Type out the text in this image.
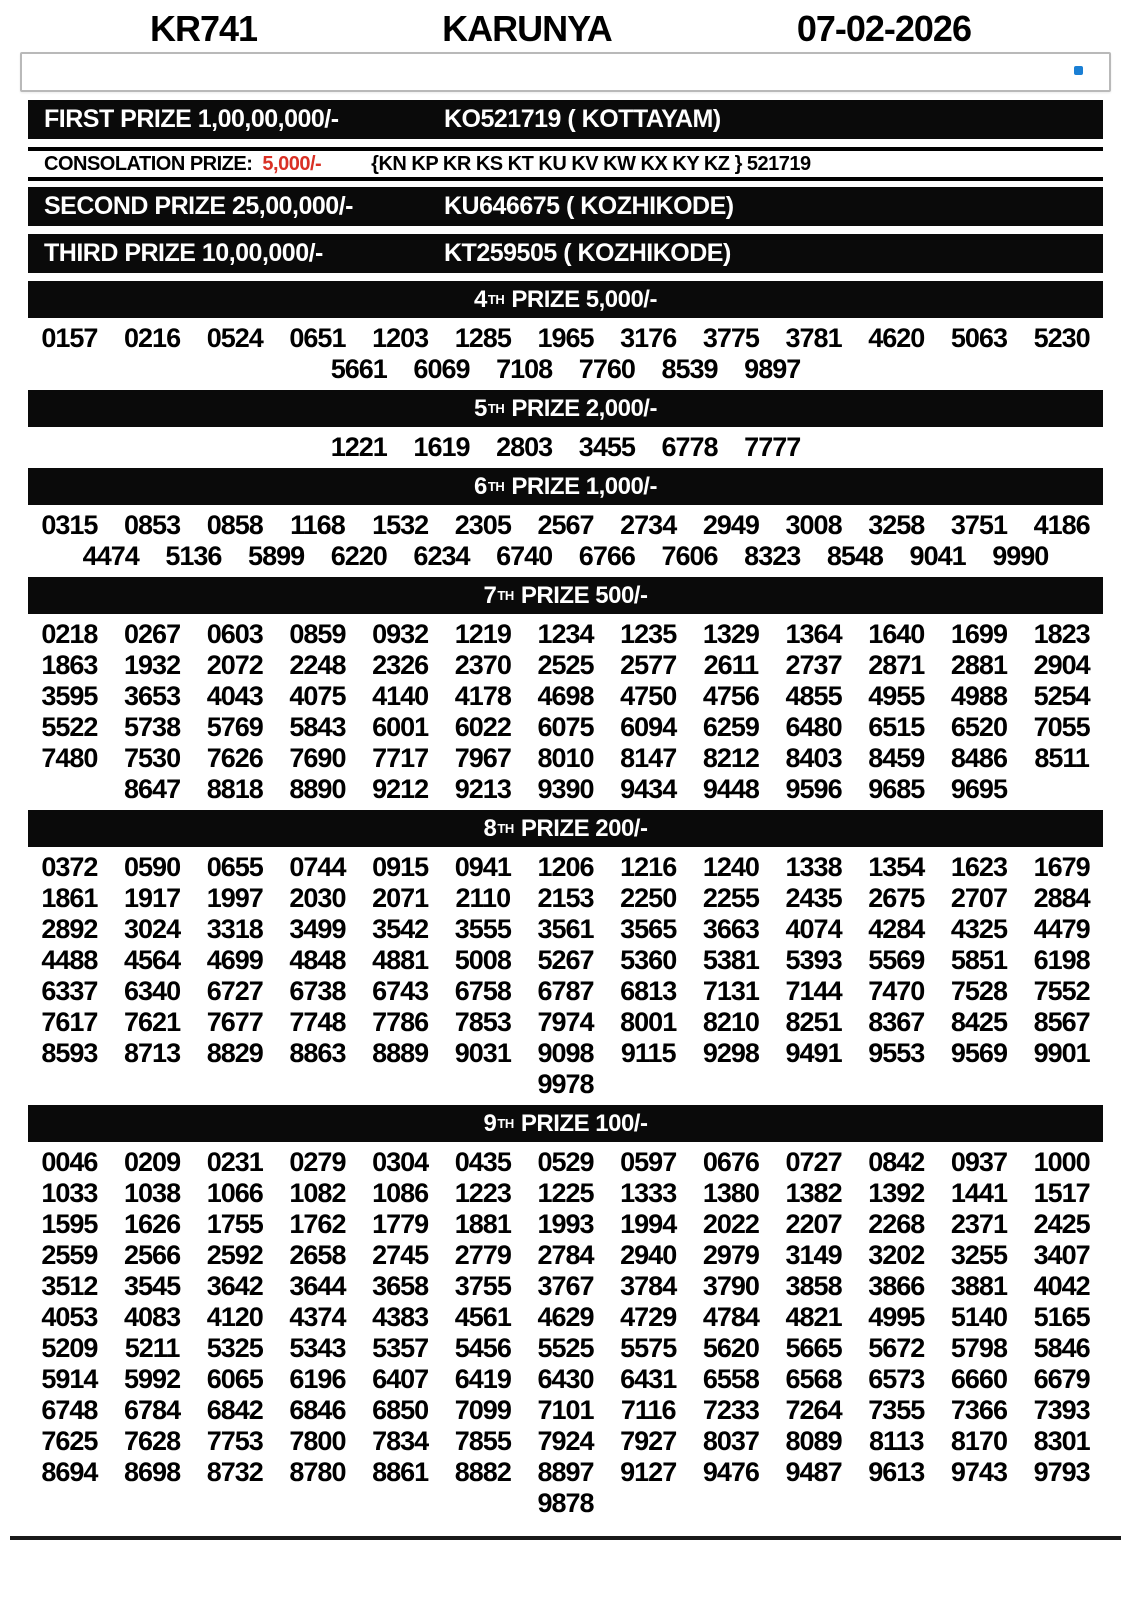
KR741	KARUNYA	07-02-2026
FIRST PRIZE 1,00,00,000/-	KO521719 ( KOTTAYAM)
CONSOLATION PRIZE: 5,000/-	{KN KP KR KS KT KU KV KW KX KY KZ } 521719
SECOND PRIZE 25,00,000/-	KU646675 ( KOZHIKODE)
THIRD PRIZE 10,00,000/-	KT259505 ( KOZHIKODE)
4 TH PRIZE 5,000/-
0157 0216 0524 0651 1203 1285 1965 3176 3775 3781 4620 5063 5230
5661 6069 7108 7760 8539 9897
5 TH PRIZE 2,000/-
1221 1619 2803 3455 6778 7777
6 TH PRIZE 1,000/-
0315 0853 0858	1168	1532 2305 2567 2734 2949 3008 3258 3751 4186
4474 5136 5899 6220 6234 6740 6766 7606 8323 8548 9041 9990
7 TH PRIZE 500/-
0218 0267 0603 0859 0932 1219 1234 1235 1329 1364 1640 1699 1823
1863 1932 2072 2248 2326 2370 2525 2577	2611	2737 2871 2881 2904
3595 3653 4043 4075 4140 4178 4698 4750 4756 4855 4955 4988 5254
5522 5738 5769 5843 6001 6022 6075 6094 6259 6480 6515 6520 7055
7480 7530 7626 7690 7717 7967 8010 8147 8212 8403 8459 8486	8511
8647 8818 8890 9212 9213 9390 9434 9448 9596 9685 9695
8 TH PRIZE 200/-
0372 0590 0655 0744 0915 0941 1206 1216 1240 1338 1354 1623 1679
1861 1917 1997 2030 2071	2110	2153 2250 2255 2435 2675 2707 2884
2892 3024 3318 3499 3542 3555 3561 3565 3663 4074 4284 4325 4479
4488 4564 4699 4848 4881 5008 5267 5360 5381 5393 5569 5851 6198
6337 6340 6727 6738 6743 6758 6787 6813 7131 7144 7470 7528 7552
7617 7621 7677 7748 7786 7853 7974 8001 8210 8251 8367 8425 8567
8593 8713 8829 8863 8889 9031 9098	9115	9298 9491 9553 9569 9901
9978
9 TH PRIZE 100/-
0046 0209 0231 0279 0304 0435 0529 0597 0676 0727 0842 0937 1000
1033 1038 1066 1082 1086 1223 1225 1333 1380 1382 1392 1441 1517
1595 1626 1755 1762 1779 1881 1993 1994 2022 2207 2268 2371 2425
2559 2566 2592 2658 2745 2779 2784 2940 2979 3149 3202 3255 3407
3512 3545 3642 3644 3658 3755 3767 3784 3790 3858 3866 3881 4042
4053 4083 4120 4374 4383 4561 4629 4729 4784 4821 4995 5140 5165
5209	5211	5325 5343 5357 5456 5525 5575 5620 5665 5672 5798 5846
5914 5992 6065 6196 6407 6419 6430 6431 6558 6568 6573 6660 6679
6748 6784 6842 6846 6850 7099 7101	7116	7233 7264 7355 7366 7393
7625 7628 7753 7800 7834 7855 7924 7927 8037 8089	8113	8170 8301
8694 8698 8732 8780 8861 8882 8897 9127 9476 9487 9613 9743 9793
9878
